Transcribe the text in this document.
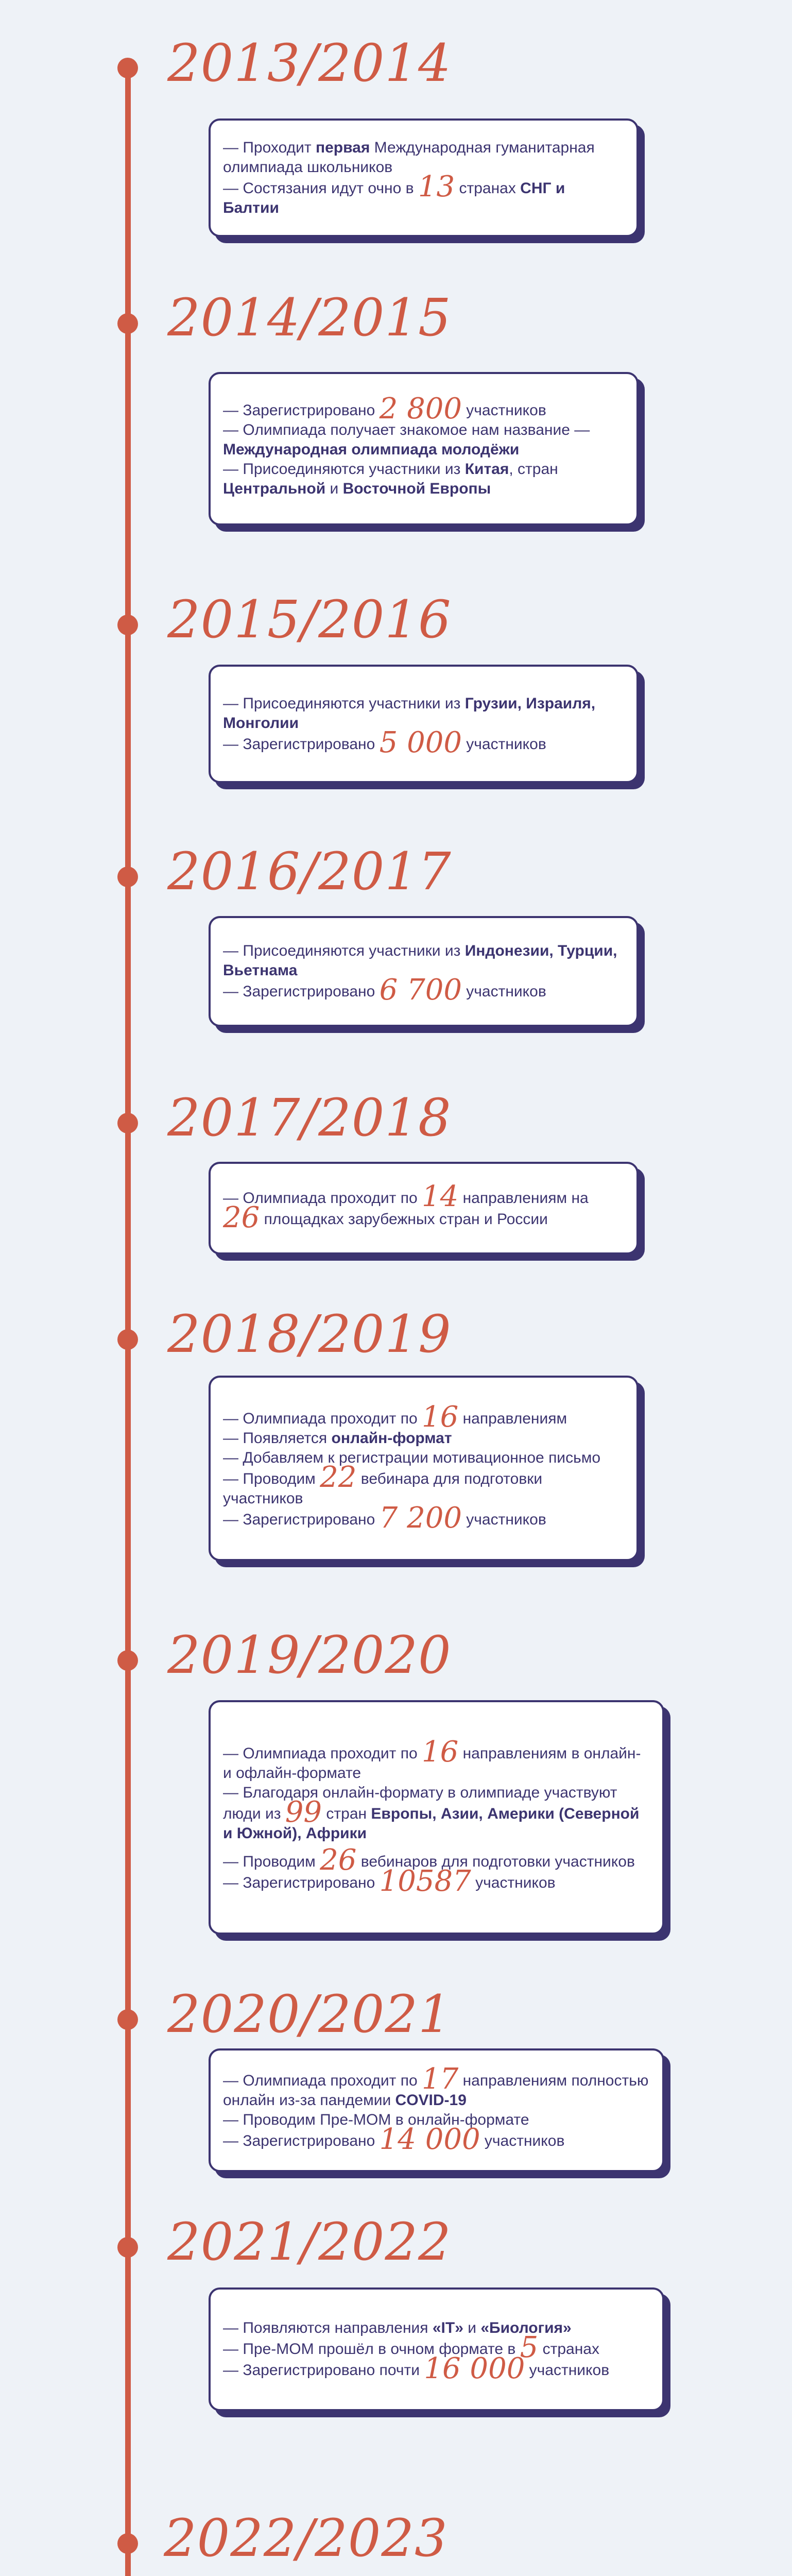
2013/2014

— Проходит первая Международная гуманитарная олимпиада школьников

— Состязания идут очно в 13 странах СНГ и Балтии

2014/2015

— Зарегистрировано 2 800 участников

— Олимпиада получает знакомое нам название — Международная олимпиада молодёжи

— Присоединяются участники из Китая, стран Центральной и Восточной Европы

2015/2016

— Присоединяются участники из Грузии, Израиля, Монголии

— Зарегистрировано 5 000 участников

2016/2017

— Присоединяются участники из Индонезии, Турции, Вьетнама

— Зарегистрировано 6 700 участников

2017/2018

— Олимпиада проходит по 14 направлениям на 26 площадках зарубежных стран и России

2018/2019

— Олимпиада проходит по 16 направлениям

— Появляется онлайн-формат

— Добавляем к регистрации мотивационное письмо

— Проводим 22 вебинара для подготовки участников

— Зарегистрировано 7 200 участников

2019/2020

— Олимпиада проходит по 16 направлениям в онлайн- и офлайн-формате

— Благодаря онлайн-формату в олимпиаде участвуют люди из 99 стран Европы, Азии, Америки (Северной и Южной), Африки

— Проводим 26 вебинаров для подготовки участников

— Зарегистрировано 10587 участников

2020/2021

— Олимпиада проходит по 17 направлениям полностью онлайн из-за пандемии COVID-19

— Проводим Пре-МОМ в онлайн-формате

— Зарегистрировано 14 000 участников

2021/2022

— Появляются направления «IT» и «Биология»

— Пре-МОМ прошёл в очном формате в 5 странах

— Зарегистрировано почти 16 000 участников

2022/2023
